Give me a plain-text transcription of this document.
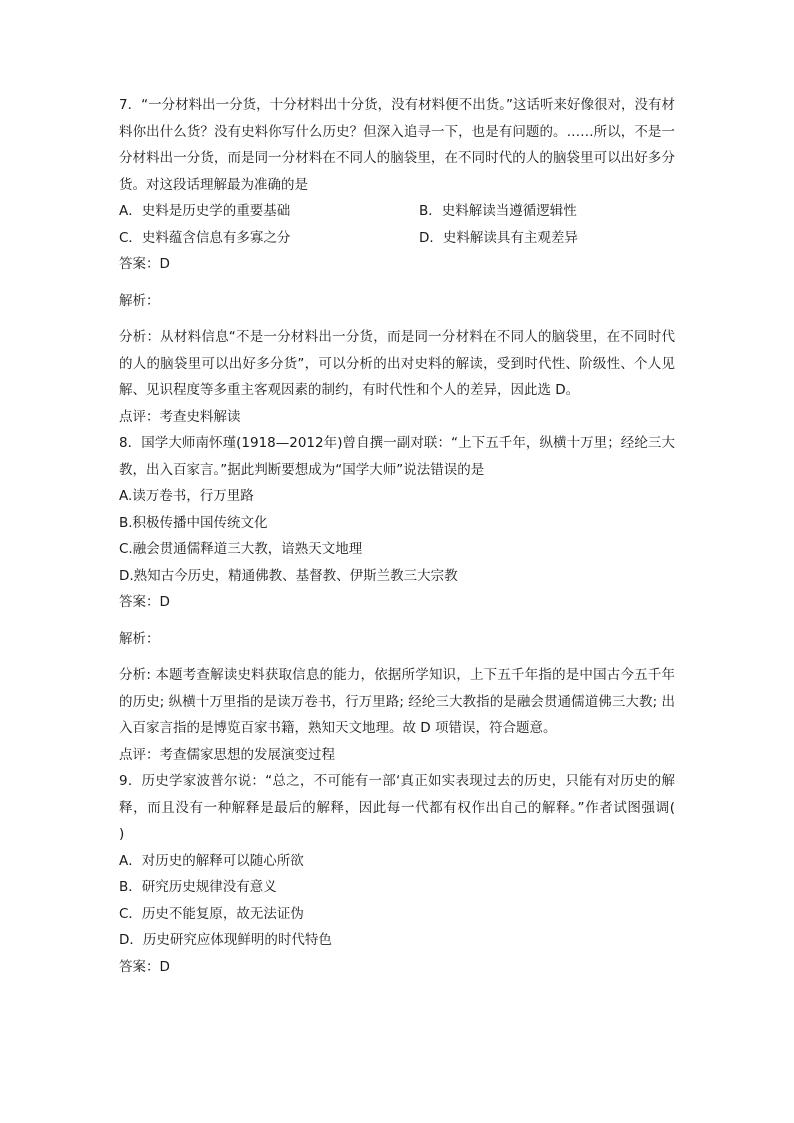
7．“一分材料出一分货，十分材料出十分货，没有材料便不出货。”这话听来好像很对，没有材料你出什么货？没有史料你写什么历史？但深入追寻一下，也是有问题的。……所以，不是一分材料出一分货，而是同一分材料在不同人的脑袋里，在不同时代的人的脑袋里可以出好多分货。对这段话理解最为准确的是

A．史料是历史学的重要基础	B．史料解读当遵循逻辑性
C．史料蕴含信息有多寡之分	D．史料解读具有主观差异

答案：D

解析：

分析：从材料信息“不是一分材料出一分货，而是同一分材料在不同人的脑袋里，在不同时代的人的脑袋里可以出好多分货”，可以分析的出对史料的解读，受到时代性、阶级性、个人见解、见识程度等多重主客观因素的制约，有时代性和个人的差异，因此选 D。

点评：考查史料解读

8．国学大师南怀瑾(1918—2012年)曾自撰一副对联：“上下五千年，纵横十万里；经纶三大教，出入百家言。”据此判断要想成为“国学大师”说法错误的是

A.读万卷书，行万里路

B.积极传播中国传统文化

C.融会贯通儒释道三大教，谙熟天文地理

D.熟知古今历史，精通佛教、基督教、伊斯兰教三大宗教

答案：D

解析：

分析: 本题考查解读史料获取信息的能力，依据所学知识，上下五千年指的是中国古今五千年的历史; 纵横十万里指的是读万卷书，行万里路; 经纶三大教指的是融会贯通儒道佛三大教; 出入百家言指的是博览百家书籍，熟知天文地理。故 D 项错误，符合题意。

点评：考查儒家思想的发展演变过程

9．历史学家波普尔说：“总之，不可能有一部‘真正如实表现过去的历史，只能有对历史的解释，而且没有一种解释是最后的解释，因此每一代都有权作出自己的解释。”作者试图强调(　　)

A．对历史的解释可以随心所欲

B．研究历史规律没有意义

C．历史不能复原，故无法证伪

D．历史研究应体现鲜明的时代特色

答案：D
